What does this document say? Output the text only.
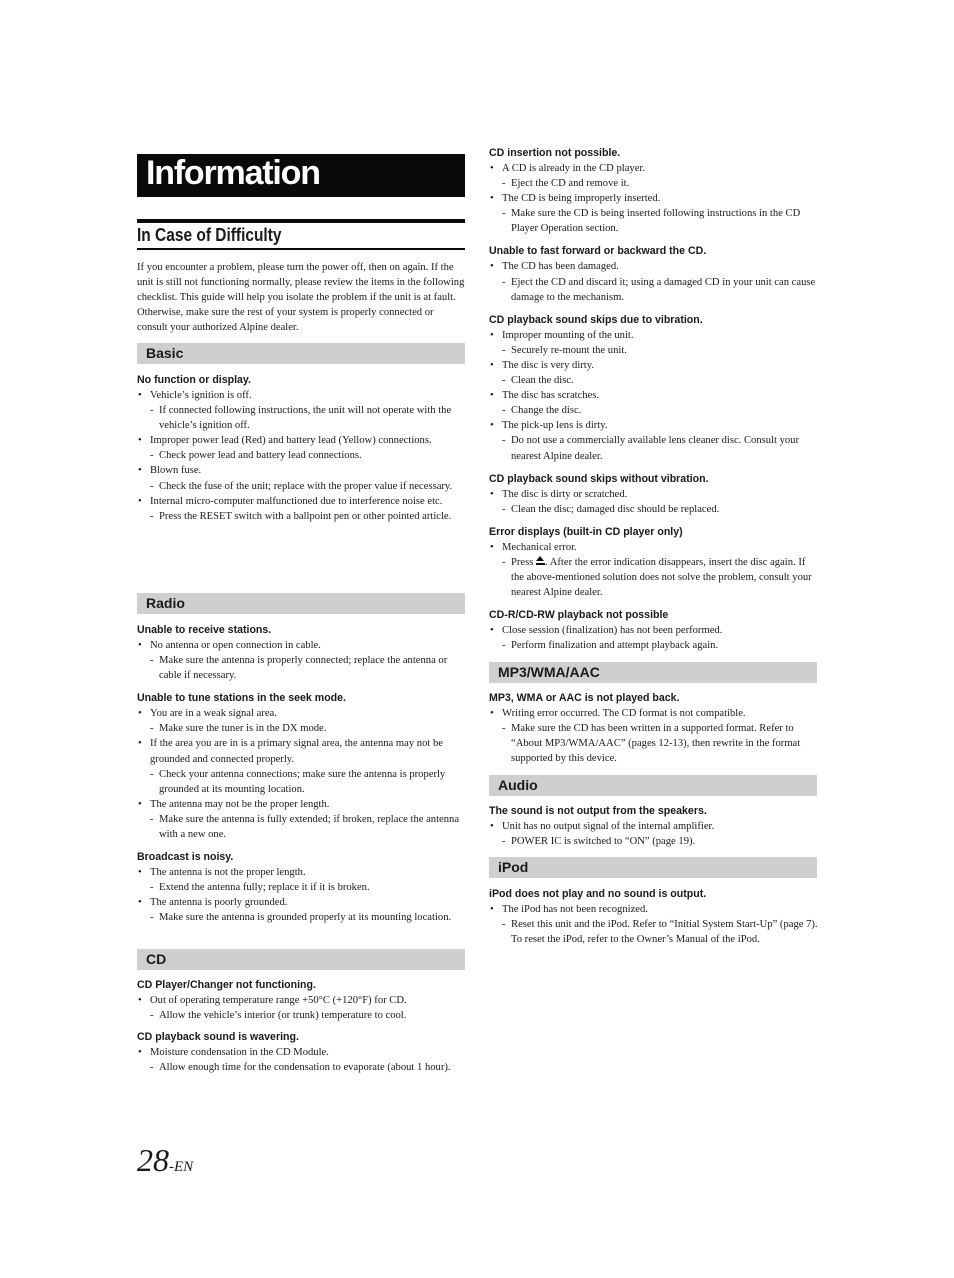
Information
In Case of Difficulty
If you encounter a problem, please turn the power off, then on again. If the unit is still not functioning normally, please review the items in the following checklist. This guide will help you isolate the problem if the unit is at fault. Otherwise, make sure the rest of your system is properly connected or consult your authorized Alpine dealer.
Basic
No function or display.
• Vehicle’s ignition is off.
- If connected following instructions, the unit will not operate with the vehicle’s ignition off.
• Improper power lead (Red) and battery lead (Yellow) connections.
- Check power lead and battery lead connections.
• Blown fuse.
- Check the fuse of the unit; replace with the proper value if necessary.
• Internal micro-computer malfunctioned due to interference noise etc.
- Press the RESET switch with a ballpoint pen or other pointed article.
Radio
Unable to receive stations.
• No antenna or open connection in cable.
- Make sure the antenna is properly connected; replace the antenna or cable if necessary.
Unable to tune stations in the seek mode.
• You are in a weak signal area.
- Make sure the tuner is in the DX mode.
• If the area you are in is a primary signal area, the antenna may not be grounded and connected properly.
- Check your antenna connections; make sure the antenna is properly grounded at its mounting location.
• The antenna may not be the proper length.
- Make sure the antenna is fully extended; if broken, replace the antenna with a new one.
Broadcast is noisy.
• The antenna is not the proper length.
- Extend the antenna fully; replace it if it is broken.
• The antenna is poorly grounded.
- Make sure the antenna is grounded properly at its mounting location.
CD
CD Player/Changer not functioning.
• Out of operating temperature range +50°C (+120°F) for CD.
- Allow the vehicle’s interior (or trunk) temperature to cool.
CD playback sound is wavering.
• Moisture condensation in the CD Module.
- Allow enough time for the condensation to evaporate (about 1 hour).
CD insertion not possible.
• A CD is already in the CD player.
- Eject the CD and remove it.
• The CD is being improperly inserted.
- Make sure the CD is being inserted following instructions in the CD Player Operation section.
Unable to fast forward or backward the CD.
• The CD has been damaged.
- Eject the CD and discard it; using a damaged CD in your unit can cause damage to the mechanism.
CD playback sound skips due to vibration.
• Improper mounting of the unit.
- Securely re-mount the unit.
• The disc is very dirty.
- Clean the disc.
• The disc has scratches.
- Change the disc.
• The pick-up lens is dirty.
- Do not use a commercially available lens cleaner disc. Consult your nearest Alpine dealer.
CD playback sound skips without vibration.
• The disc is dirty or scratched.
- Clean the disc; damaged disc should be replaced.
Error displays (built-in CD player only)
• Mechanical error.
- Press . After the error indication disappears, insert the disc again. If the above-mentioned solution does not solve the problem, consult your nearest Alpine dealer.
CD-R/CD-RW playback not possible
• Close session (finalization) has not been performed.
- Perform finalization and attempt playback again.
MP3/WMA/AAC
MP3, WMA or AAC is not played back.
• Writing error occurred. The CD format is not compatible.
- Make sure the CD has been written in a supported format. Refer to “About MP3/WMA/AAC” (pages 12-13), then rewrite in the format supported by this device.
Audio
The sound is not output from the speakers.
• Unit has no output signal of the internal amplifier.
- POWER IC is switched to “ON” (page 19).
iPod
iPod does not play and no sound is output.
• The iPod has not been recognized.
- Reset this unit and the iPod. Refer to “Initial System Start-Up” (page 7). To reset the iPod, refer to the Owner’s Manual of the iPod.
28-EN
